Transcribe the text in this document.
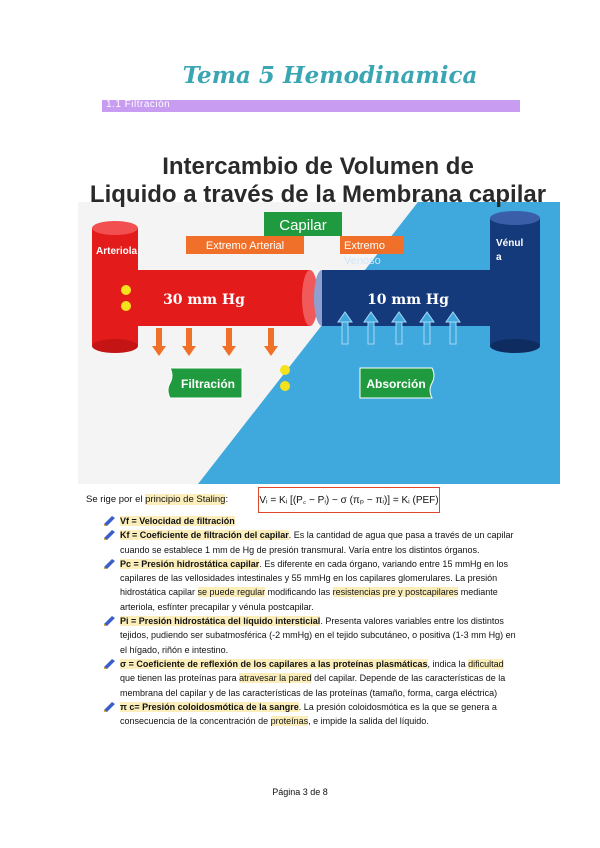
Tema 5 Hemodinamica
1.1 Filtración
Intercambio de Volumen de
Liquido a través de la Membrana capilar
Capilar
Extremo Arterial	Extremo
Venoso
Arteriola
30 mm Hg	10 mm Hg
Vénul
a
Filtración	Absorción
Se rige por el principio de Staling:	Vᵢ = Kᵢ [(P꜀ − Pᵢ) − σ (πₚ − πᵢ)] = Kᵢ (PEF)
Vf = Velocidad de filtración
Kf = Coeficiente de filtración del capilar. Es la cantidad de agua que pasa a través de un capilar cuando se establece 1 mm de Hg de presión transmural. Varía entre los distintos órganos.
Pc = Presión hidrostática capilar. Es diferente en cada órgano, variando entre 15 mmHg en los capilares de las vellosidades intestinales y 55 mmHg en los capilares glomerulares. La presión hidrostática capilar se puede regular modificando las resistencias pre y postcapilares mediante arteriola, esfínter precapilar y vénula postcapilar.
Pi = Presión hidrostática del líquido intersticial. Presenta valores variables entre los distintos tejidos, pudiendo ser subatmosférica (-2 mmHg) en el tejido subcutáneo, o positiva (1-3 mm Hg) en el hígado, riñón e intestino.
σ = Coeficiente de reflexión de los capilares a las proteínas plasmáticas, indica la dificultad que tienen las proteínas para atravesar la pared del capilar. Depende de las características de la membrana del capilar y de las características de las proteínas (tamaño, forma, carga eléctrica)
π c= Presión coloidosmótica de la sangre. La presión coloidosmótica es la que se genera a consecuencia de la concentración de proteínas, e impide la salida del líquido.
Página 3 de 8
